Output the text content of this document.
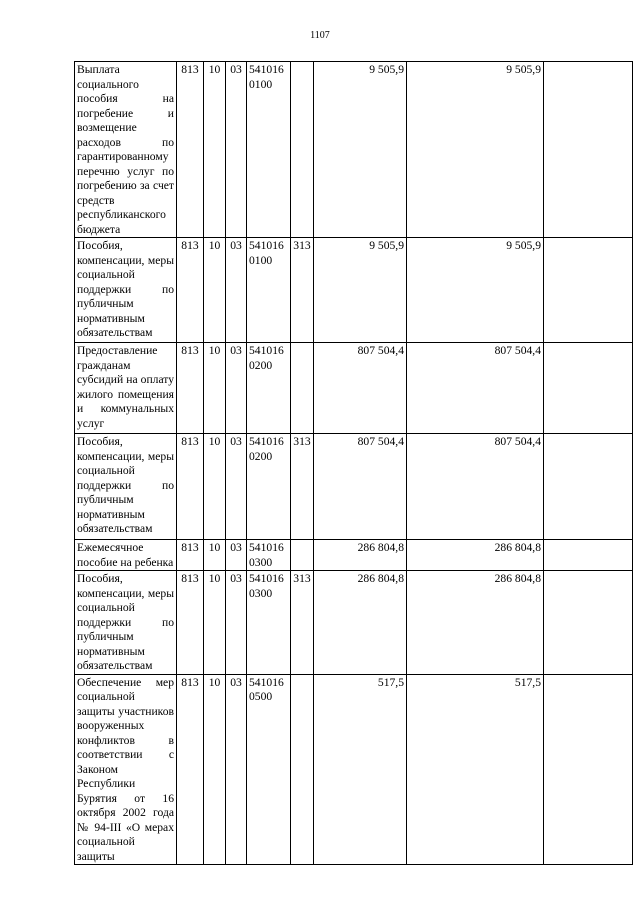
1107
Выплата социального пособия на погребение и возмещение расходов по гарантированному перечню услуг по погребению за счет средств республиканского бюджета	813	10	03	541016 0100		9 505,9	9 505,9	
Пособия, компенсации, меры социальной поддержки по публичным нормативным обязательствам	813	10	03	541016 0100	313	9 505,9	9 505,9	
Предоставление гражданам субсидий на оплату жилого помещения и коммунальных услуг	813	10	03	541016 0200		807 504,4	807 504,4	
Пособия, компенсации, меры социальной поддержки по публичным нормативным обязательствам	813	10	03	541016 0200	313	807 504,4	807 504,4	
Ежемесячное пособие на ребенка	813	10	03	541016 0300		286 804,8	286 804,8	
Пособия, компенсации, меры социальной поддержки по публичным нормативным обязательствам	813	10	03	541016 0300	313	286 804,8	286 804,8	
Обеспечение мер социальной защиты участников вооруженных конфликтов в соответствии с Законом Республики Бурятия от 16 октября 2002 года № 94-III «О мерах социальной защиты	813	10	03	541016 0500		517,5	517,5	
